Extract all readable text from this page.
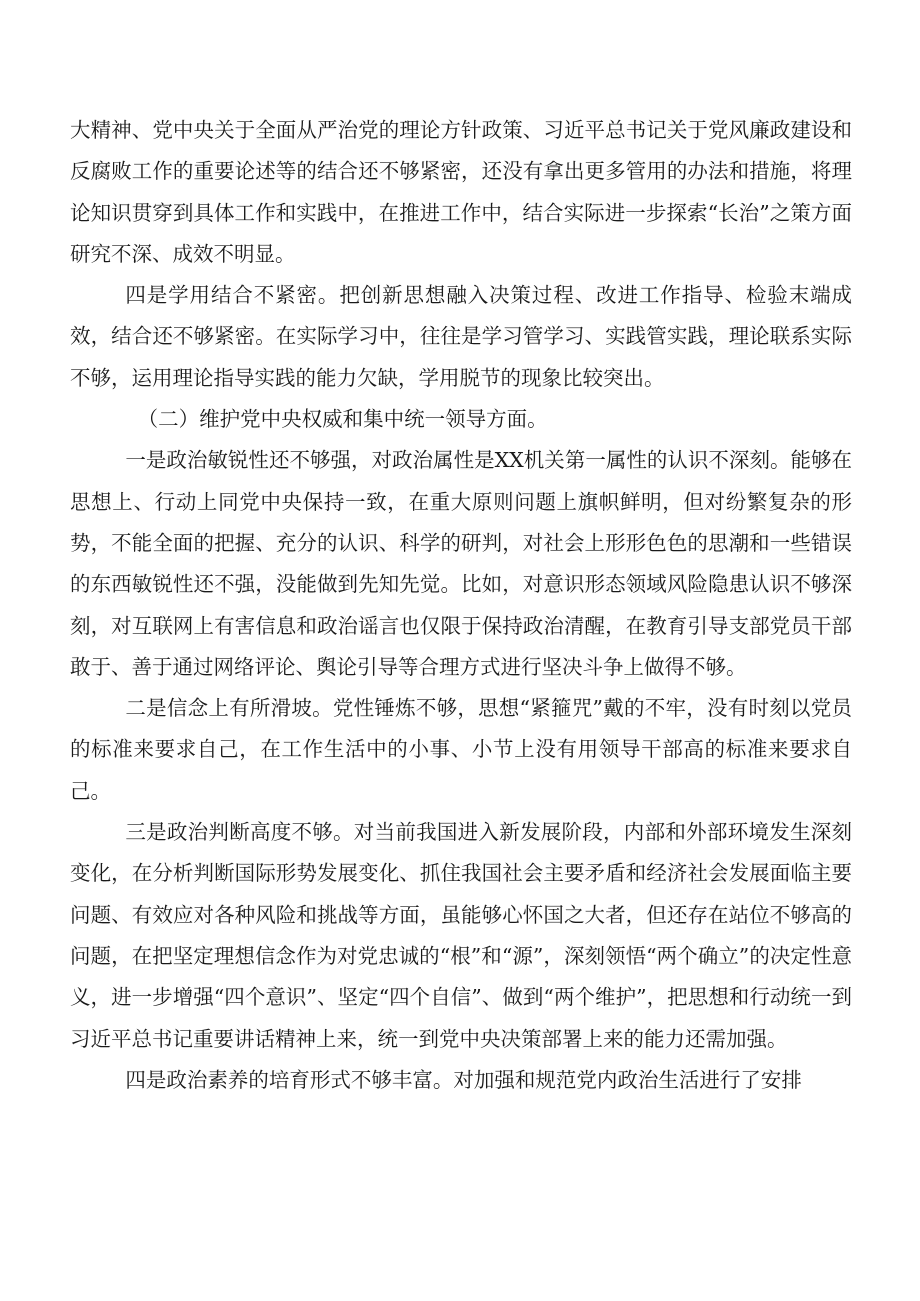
大精神、党中央关于全面从严治党的理论方针政策、习近平总书记关于党风廉政建设和反腐败工作的重要论述等的结合还不够紧密，还没有拿出更多管用的办法和措施，将理论知识贯穿到具体工作和实践中，在推进工作中，结合实际进一步探索“长治”之策方面研究不深、成效不明显。

四是学用结合不紧密。把创新思想融入决策过程、改进工作指导、检验末端成效，结合还不够紧密。在实际学习中，往往是学习管学习、实践管实践，理论联系实际不够，运用理论指导实践的能力欠缺，学用脱节的现象比较突出。

（二）维护党中央权威和集中统一领导方面。

一是政治敏锐性还不够强，对政治属性是XX机关第一属性的认识不深刻。能够在思想上、行动上同党中央保持一致，在重大原则问题上旗帜鲜明，但对纷繁复杂的形势，不能全面的把握、充分的认识、科学的研判，对社会上形形色色的思潮和一些错误的东西敏锐性还不强，没能做到先知先觉。比如，对意识形态领域风险隐患认识不够深刻，对互联网上有害信息和政治谣言也仅限于保持政治清醒，在教育引导支部党员干部敢于、善于通过网络评论、舆论引导等合理方式进行坚决斗争上做得不够。

二是信念上有所滑坡。党性锤炼不够，思想“紧箍咒”戴的不牢，没有时刻以党员的标准来要求自己，在工作生活中的小事、小节上没有用领导干部高的标准来要求自己。

三是政治判断高度不够。对当前我国进入新发展阶段，内部和外部环境发生深刻变化，在分析判断国际形势发展变化、抓住我国社会主要矛盾和经济社会发展面临主要问题、有效应对各种风险和挑战等方面，虽能够心怀国之大者，但还存在站位不够高的问题，在把坚定理想信念作为对党忠诚的“根”和“源”，深刻领悟“两个确立”的决定性意义，进一步增强“四个意识”、坚定“四个自信”、做到“两个维护”，把思想和行动统一到习近平总书记重要讲话精神上来，统一到党中央决策部署上来的能力还需加强。

四是政治素养的培育形式不够丰富。对加强和规范党内政治生活进行了安排
